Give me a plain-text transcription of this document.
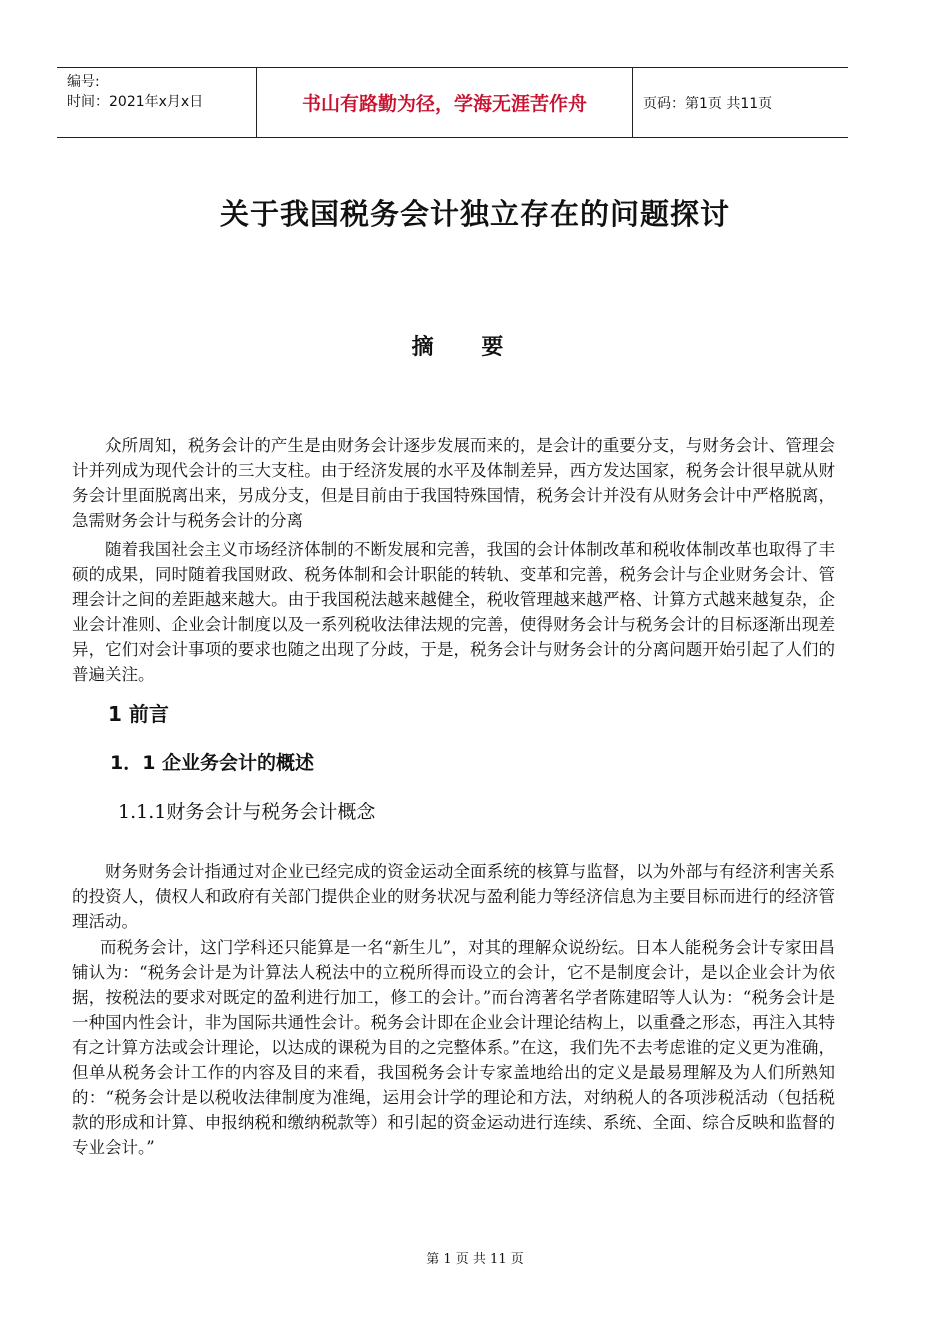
编号:
时间：2021年x月x日	书山有路勤为径，学海无涯苦作舟	页码：第1页 共11页
关于我国税务会计独立存在的问题探讨
摘 要

众所周知，税务会计的产生是由财务会计逐步发展而来的，是会计的重要分支，与财务会计、管理会计并列成为现代会计的三大支柱。由于经济发展的水平及体制差异，西方发达国家，税务会计很早就从财务会计里面脱离出来，另成分支，但是目前由于我国特殊国情，税务会计并没有从财务会计中严格脱离，急需财务会计与税务会计的分离

随着我国社会主义市场经济体制的不断发展和完善，我国的会计体制改革和税收体制改革也取得了丰硕的成果，同时随着我国财政、税务体制和会计职能的转轨、变革和完善，税务会计与企业财务会计、管理会计之间的差距越来越大。由于我国税法越来越健全，税收管理越来越严格、计算方式越来越复杂，企业会计准则、企业会计制度以及一系列税收法律法规的完善，使得财务会计与税务会计的目标逐渐出现差异，它们对会计事项的要求也随之出现了分歧，于是，税务会计与财务会计的分离问题开始引起了人们的普遍关注。

1 前言
1．1 企业务会计的概述
1.1.1财务会计与税务会计概念

财务财务会计指通过对企业已经完成的资金运动全面系统的核算与监督，以为外部与有经济利害关系的投资人，债权人和政府有关部门提供企业的财务状况与盈利能力等经济信息为主要目标而进行的经济管理活动。

而税务会计，这门学科还只能算是一名“新生儿”，对其的理解众说纷纭。日本人能税务会计专家田昌铺认为：“税务会计是为计算法人税法中的立税所得而设立的会计，它不是制度会计，是以企业会计为依据，按税法的要求对既定的盈利进行加工，修工的会计。”而台湾著名学者陈建昭等人认为：“税务会计是一种国内性会计，非为国际共通性会计。税务会计即在企业会计理论结构上，以重叠之形态，再注入其特有之计算方法或会计理论，以达成的课税为目的之完整体系。”在这，我们先不去考虑谁的定义更为准确，但单从税务会计工作的内容及目的来看，我国税务会计专家盖地给出的定义是最易理解及为人们所熟知的：“税务会计是以税收法律制度为准绳，运用会计学的理论和方法，对纳税人的各项涉税活动（包括税款的形成和计算、申报纳税和缴纳税款等）和引起的资金运动进行连续、系统、全面、综合反映和监督的专业会计。”

第 1 页 共 11 页
